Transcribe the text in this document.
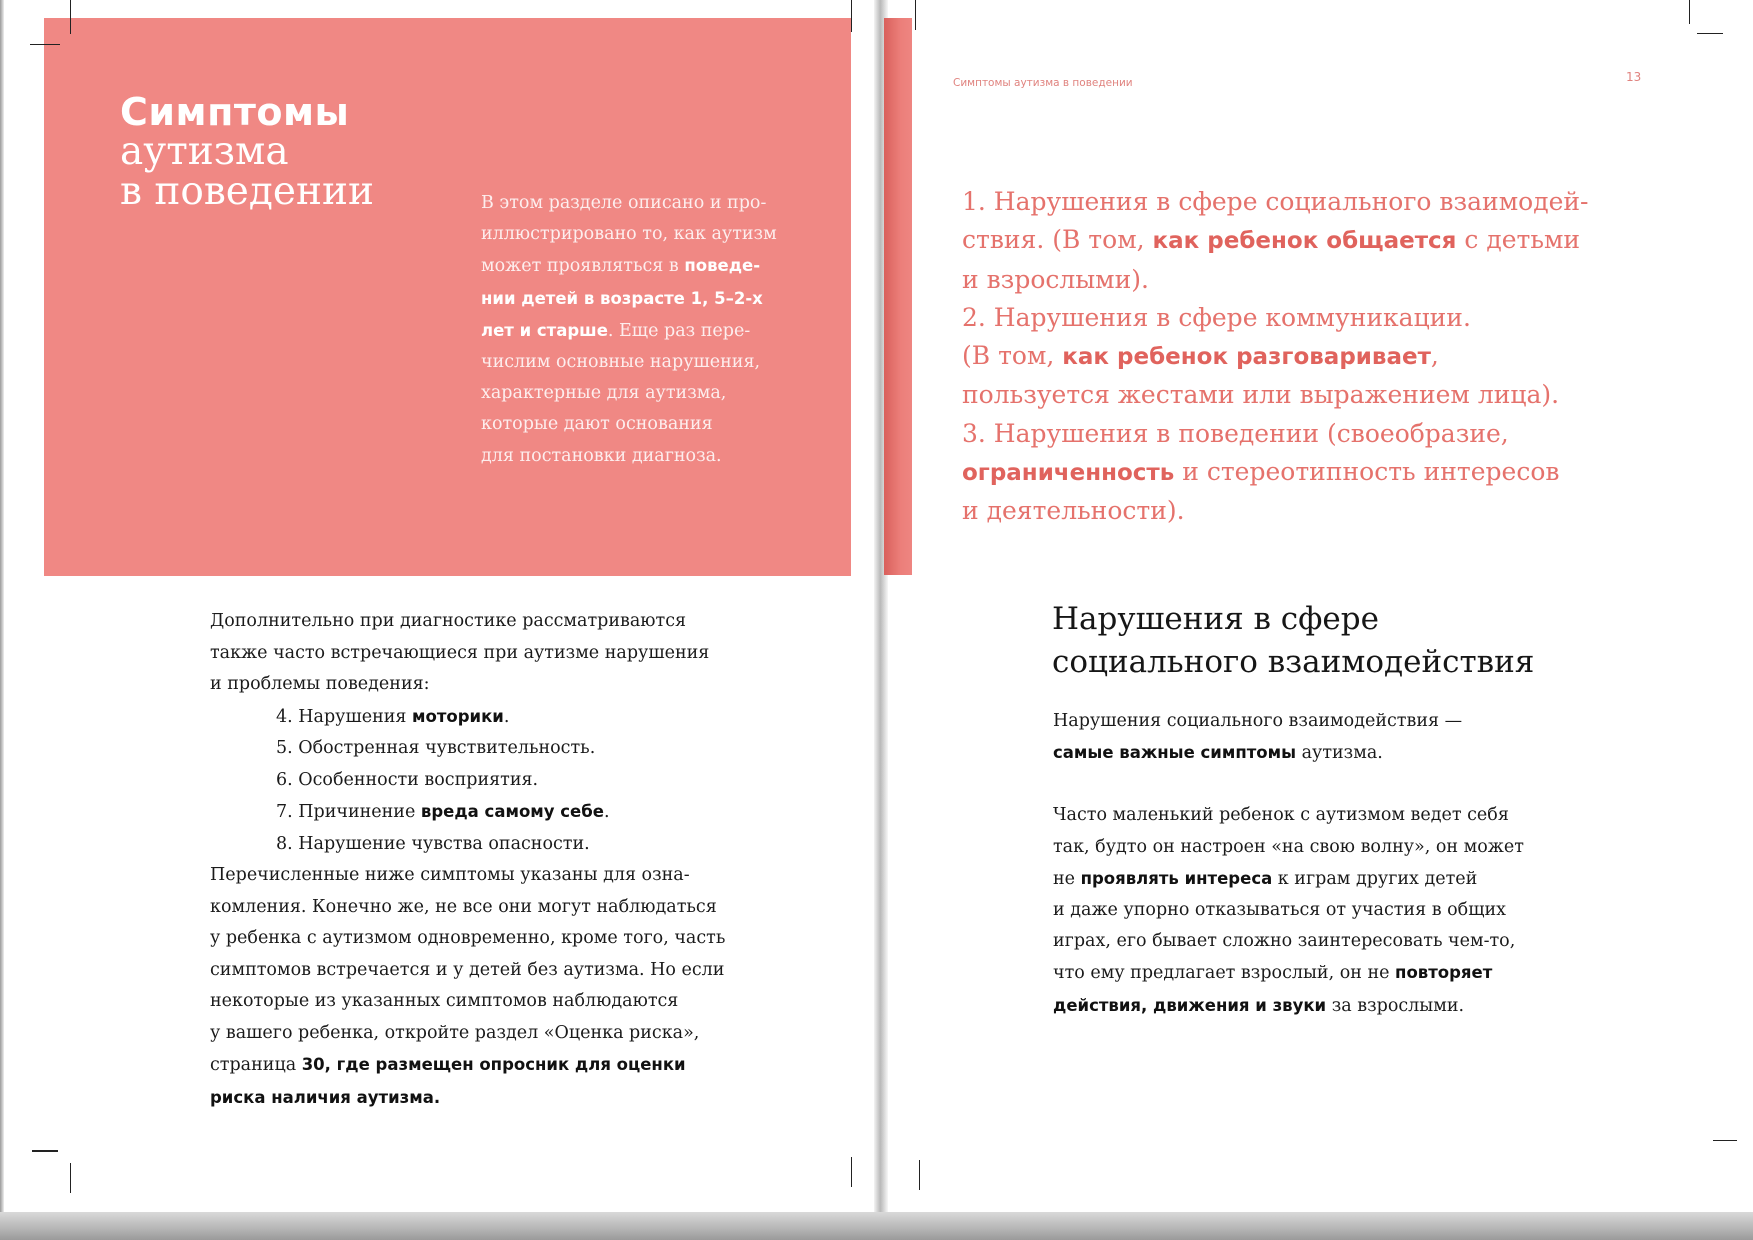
Симптомы
аутизма
в поведении	В этом разделе описано и про-
иллюстрировано то, как аутизм
может проявляться в поведе-
нии детей в возрасте 1, 5–2-х
лет и старше. Еще раз пере-
числим основные нарушения,
характерные для аутизма,
которые дают основания
для постановки диагноза.
Дополнительно при диагностике рассматриваются
также часто встречающиеся при аутизме нарушения
и проблемы поведения:
4. Нарушения моторики.
5. Обостренная чувствительность.
6. Особенности восприятия.
7. Причинение вреда самому себе.
8. Нарушение чувства опасности.
Перечисленные ниже симптомы указаны для озна-
комления. Конечно же, не все они могут наблюдаться
у ребенка с аутизмом одновременно, кроме того, часть
симптомов встречается и у детей без аутизма. Но если
некоторые из указанных симптомов наблюдаются
у вашего ребенка, откройте раздел «Оценка риска»,
страница 30, где размещен опросник для оценки
риска наличия аутизма.
Симптомы аутизма в поведении	13
1. Нарушения в сфере социального взаимодей-
ствия. (В том, как ребенок общается с детьми
и взрослыми).
2. Нарушения в сфере коммуникации.
(В том, как ребенок разговаривает,
пользуется жестами или выражением лица).
3. Нарушения в поведении (своеобразие,
ограниченность и стереотипность интересов
и деятельности).
Нарушения в сфере
социального взаимодействия
Нарушения социального взаимодействия —
самые важные симптомы аутизма.
Часто маленький ребенок с аутизмом ведет себя
так, будто он настроен «на свою волну», он может
не проявлять интереса к играм других детей
и даже упорно отказываться от участия в общих
играх, его бывает сложно заинтересовать чем-то,
что ему предлагает взрослый, он не повторяет
действия, движения и звуки за взрослыми.
